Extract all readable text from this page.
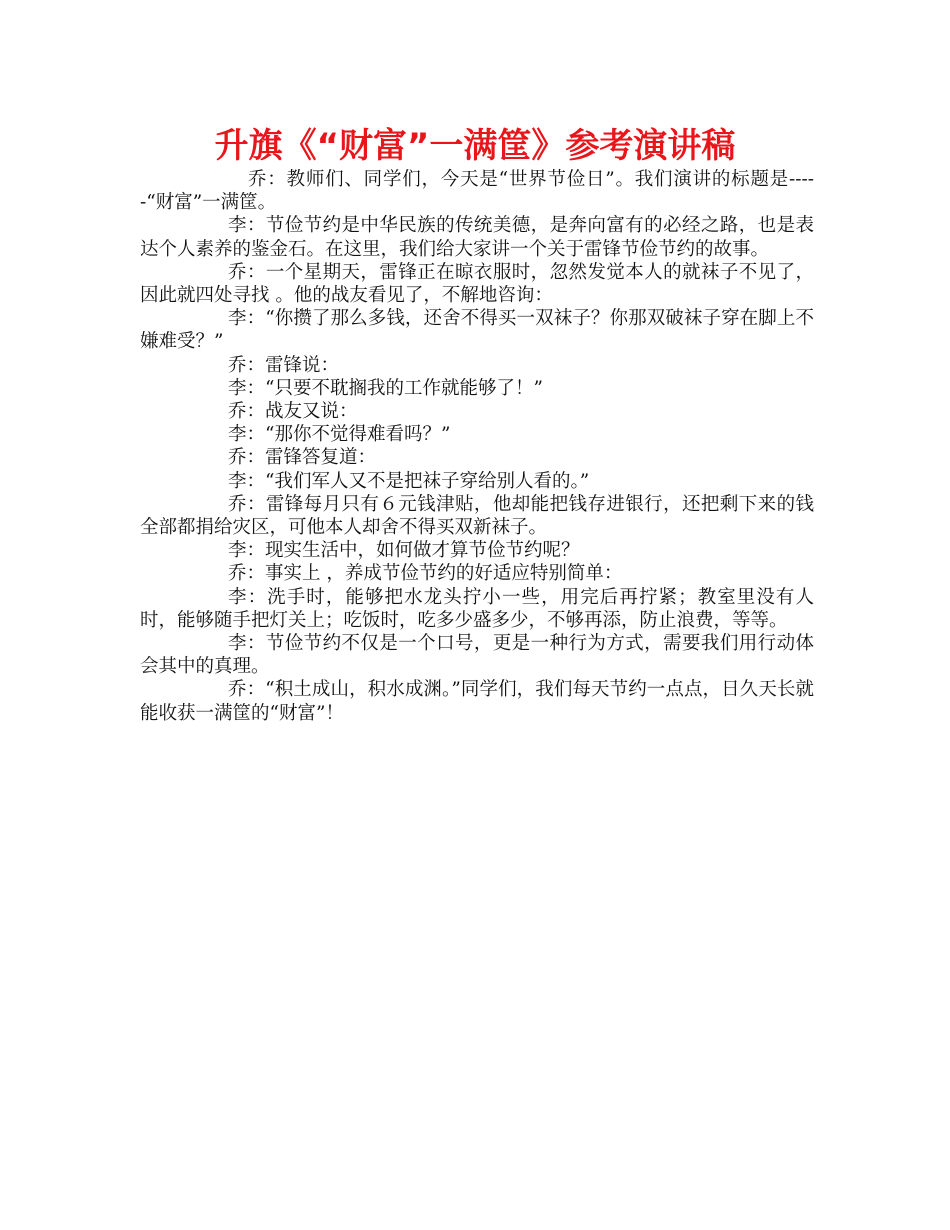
升旗《“财富”一满筐》参考演讲稿

乔：教师们、同学们，今天是“世界节俭日”。我们演讲的标题是-----“财富”一满筐。

李：节俭节约是中华民族的传统美德，是奔向富有的必经之路，也是表达个人素养的鉴金石。在这里，我们给大家讲一个关于雷锋节俭节约的故事。

乔：一个星期天，雷锋正在晾衣服时，忽然发觉本人的就袜子不见了，因此就四处寻找 。他的战友看见了，不解地咨询：

李：“你攒了那么多钱，还舍不得买一双袜子？你那双破袜子穿在脚上不嫌难受？”

乔：雷锋说：

李：“只要不耽搁我的工作就能够了！”

乔：战友又说：

李：“那你不觉得难看吗？”

乔：雷锋答复道：

李：“我们军人又不是把袜子穿给别人看的。”

乔：雷锋每月只有６元钱津贴，他却能把钱存进银行，还把剩下来的钱全部都捐给灾区，可他本人却舍不得买双新袜子。

李：现实生活中，如何做才算节俭节约呢？

乔：事实上 ，养成节俭节约的好适应特别简单：

李：洗手时，能够把水龙头拧小一些，用完后再拧紧；教室里没有人时，能够随手把灯关上；吃饭时，吃多少盛多少，不够再添，防止浪费，等等。

李：节俭节约不仅是一个口号，更是一种行为方式，需要我们用行动体会其中的真理。

乔：“积土成山，积水成渊。”同学们，我们每天节约一点点，日久天长就能收获一满筐的“财富”！
